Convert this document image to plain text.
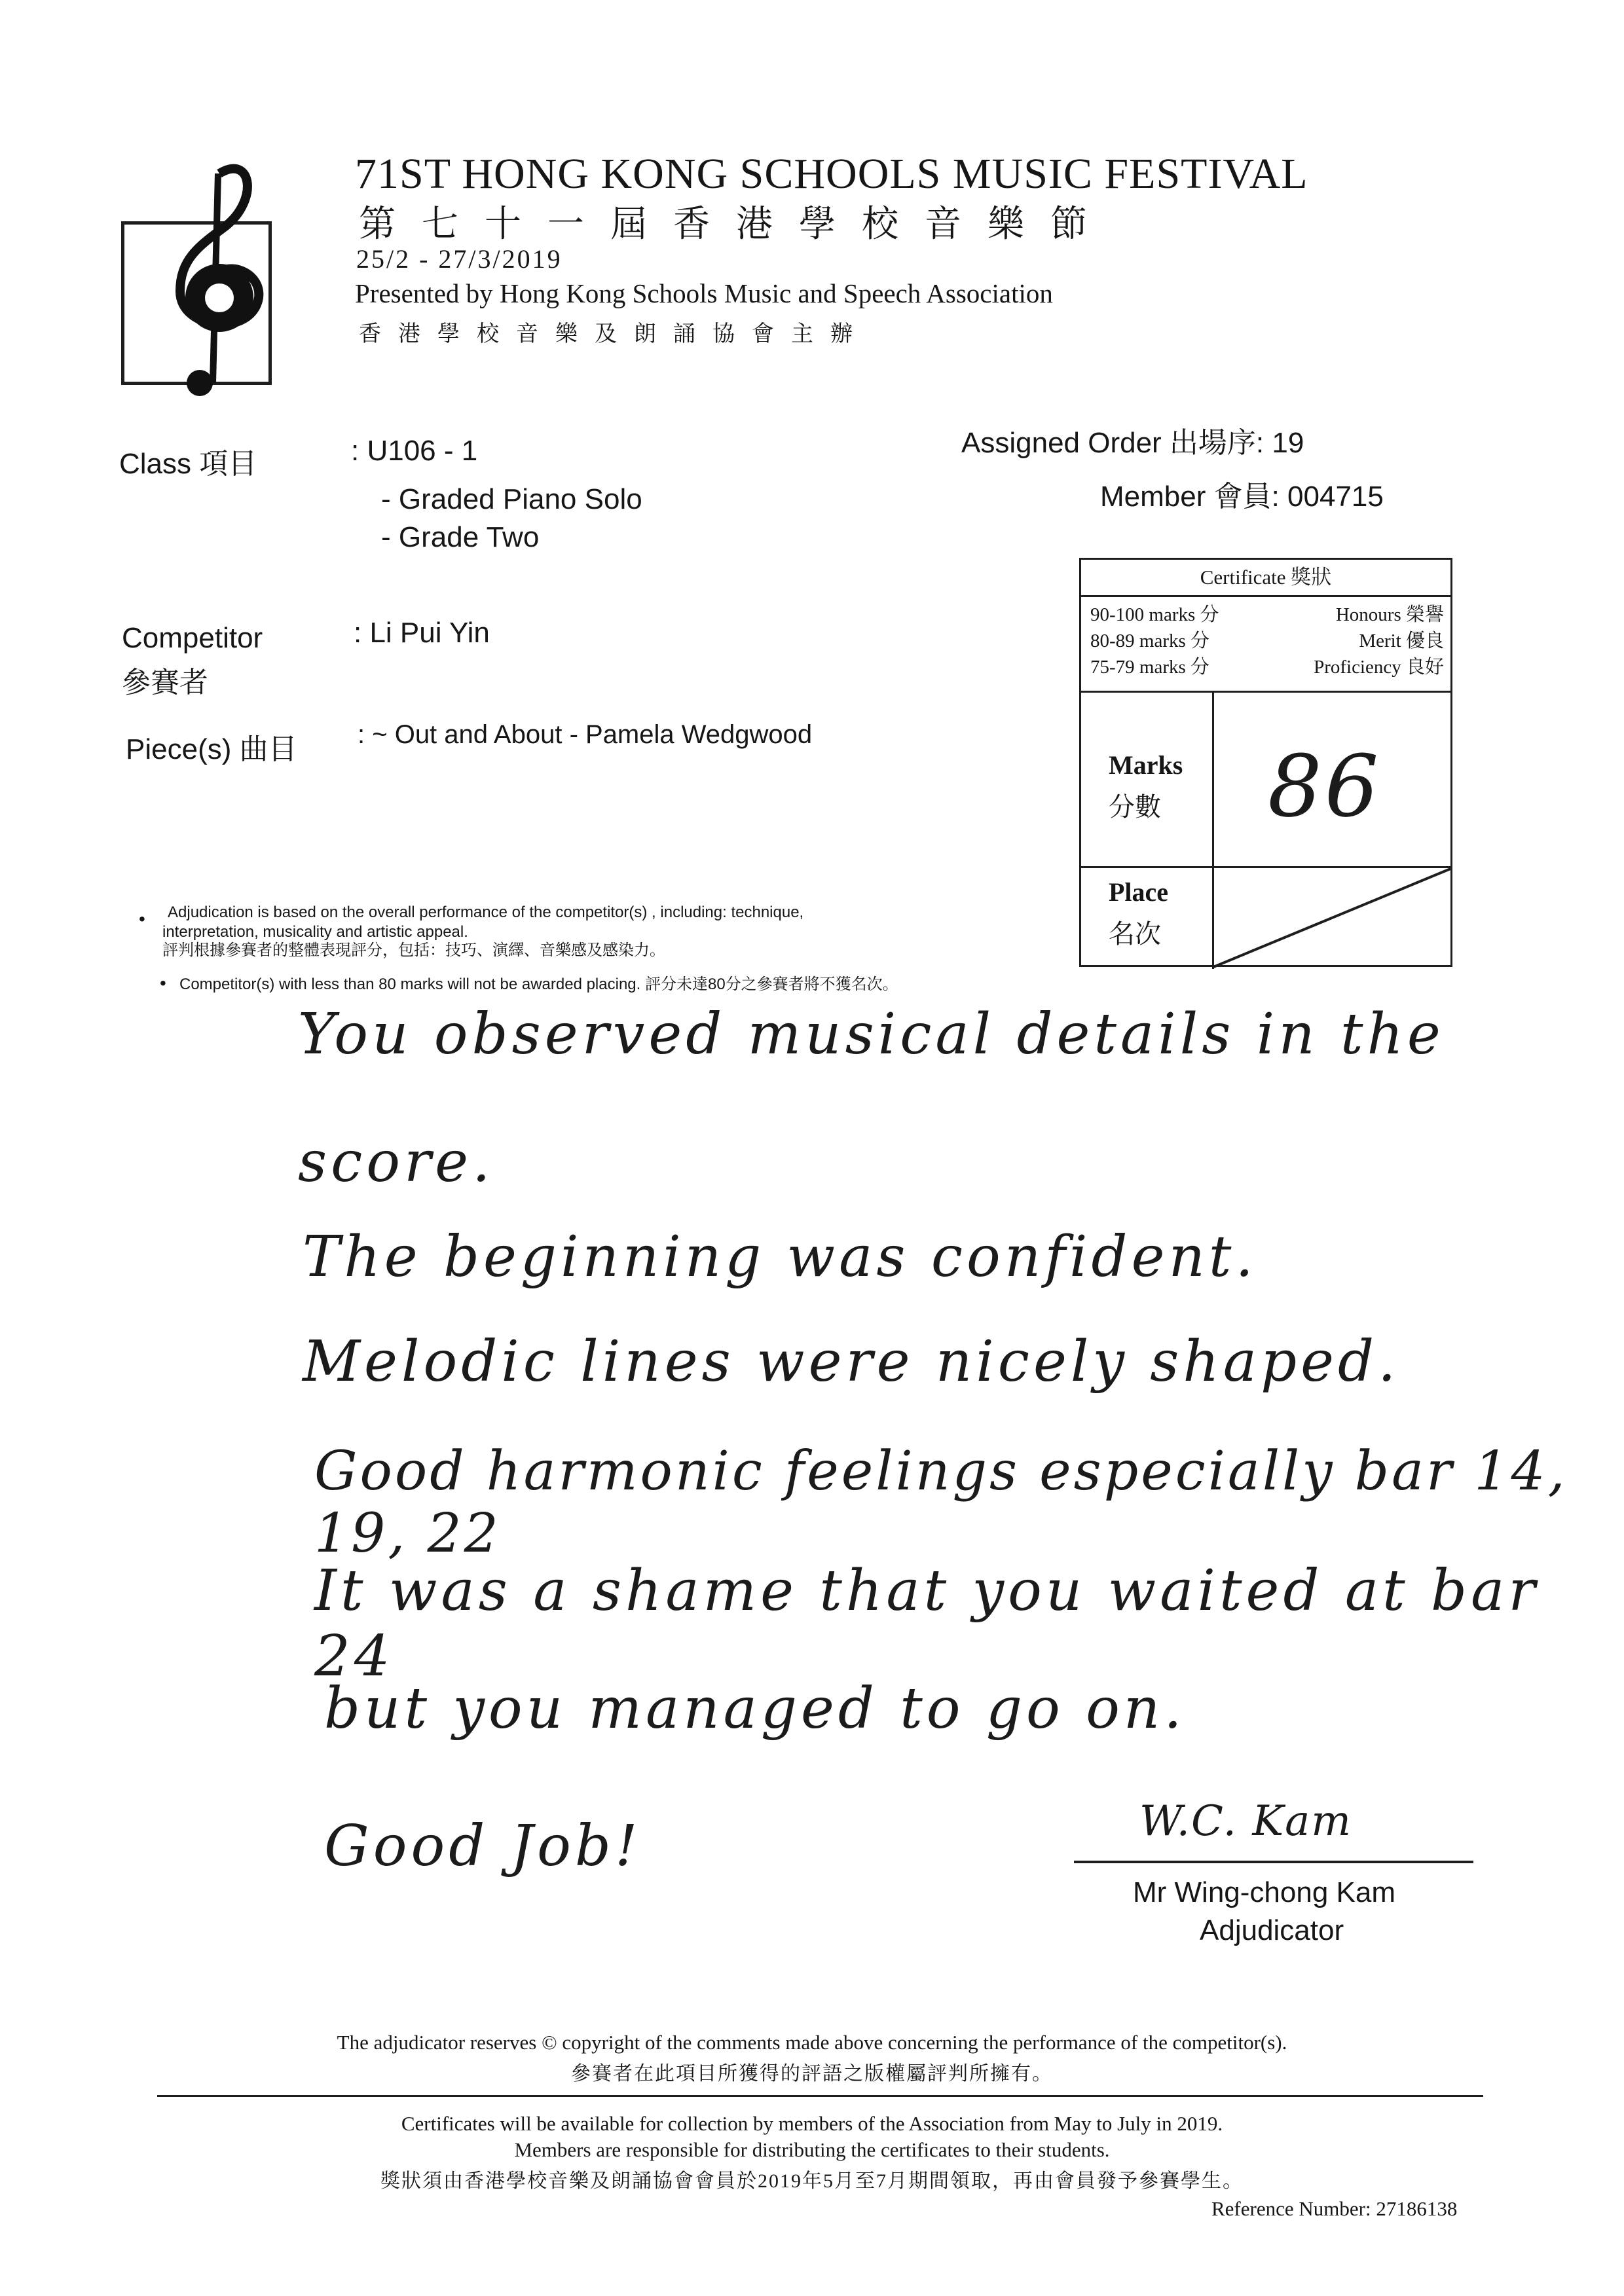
71ST HONG KONG SCHOOLS MUSIC FESTIVAL
第七十一屆香港學校音樂節
25/2 - 27/3/2019
Presented by Hong Kong Schools Music and Speech Association
香港學校音樂及朗誦協會主辦
Class 項目	: U106 - 1
- Graded Piano Solo
- Grade Two
Assigned Order 出場序: 19
Member 會員: 004715
Competitor
參賽者
: Li Pui Yin
Piece(s) 曲目 : ~ Out and About - Pamela Wedgwood
Certificate 獎狀
90-100 marks 分	Honours 榮譽
80-89 marks 分	Merit 優良
75-79 marks 分	Proficiency 良好
Marks
分數 86
Place
名次
• Adjudication is based on the overall performance of the competitor(s) , including: technique,
interpretation, musicality and artistic appeal.
評判根據參賽者的整體表現評分，包括：技巧、演繹、音樂感及感染力。
• Competitor(s) with less than 80 marks will not be awarded placing. 評分未達80分之參賽者將不獲名次。
You observed musical details in the
score.
The beginning was confident.
Melodic lines were nicely shaped.
Good harmonic feelings especially bar 14, 19, 22
It was a shame that you waited at bar 24
but you managed to go on.
Good Job!	W.C. Kam
Mr Wing-chong Kam
Adjudicator
The adjudicator reserves © copyright of the comments made above concerning the performance of the competitor(s).
參賽者在此項目所獲得的評語之版權屬評判所擁有。
Certificates will be available for collection by members of the Association from May to July in 2019.
Members are responsible for distributing the certificates to their students.
獎狀須由香港學校音樂及朗誦協會會員於2019年5月至7月期間領取，再由會員發予參賽學生。
Reference Number: 27186138
